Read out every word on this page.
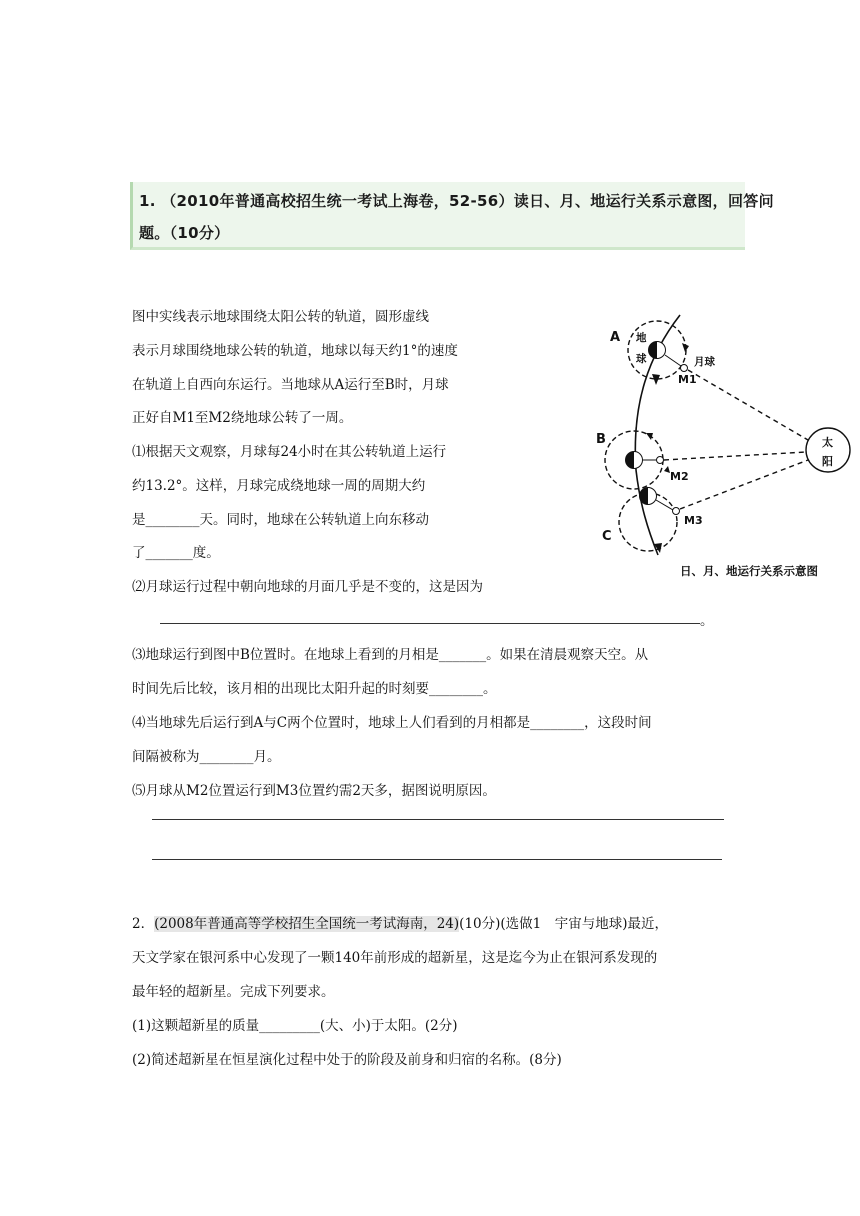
1. （2010年普通高校招生统一考试上海卷，52-56）读日、月、地运行关系示意图，回答问
题。（10分）
图中实线表示地球围绕太阳公转的轨道，圆形虚线
表示月球围绕地球公转的轨道，地球以每天约1°的速度
在轨道上自西向东运行。当地球从A运行至B时，月球
正好自M1至M2绕地球公转了一周。
⑴根据天文观察，月球每24小时在其公转轨道上运行
约13.2°。这样，月球完成绕地球一周的周期大约
是________天。同时，地球在公转轨道上向东移动
了_______度。
⑵月球运行过程中朝向地球的月面几乎是不变的，这是因为
。
⑶地球运行到图中B位置时。在地球上看到的月相是_______。如果在清晨观察天空。从
时间先后比较，该月相的出现比太阳升起的时刻要________。
⑷当地球先后运行到A与C两个位置时，地球上人们看到的月相都是________，这段时间
间隔被称为________月。
⑸月球从M2位置运行到M3位置约需2天多，据图说明原因。
A
B
C
地
球	月球
M1
M2
M3
太
阳
日、月、地运行关系示意图
2．(2008年普通高等学校招生全国统一考试海南，24)(10分)(选做1　宇宙与地球)最近，
天文学家在银河系中心发现了一颗140年前形成的超新星，这是迄今为止在银河系发现的
最年轻的超新星。完成下列要求。
(1)这颗超新星的质量_________(大、小)于太阳。(2分)
(2)简述超新星在恒星演化过程中处于的阶段及前身和归宿的名称。(8分)
